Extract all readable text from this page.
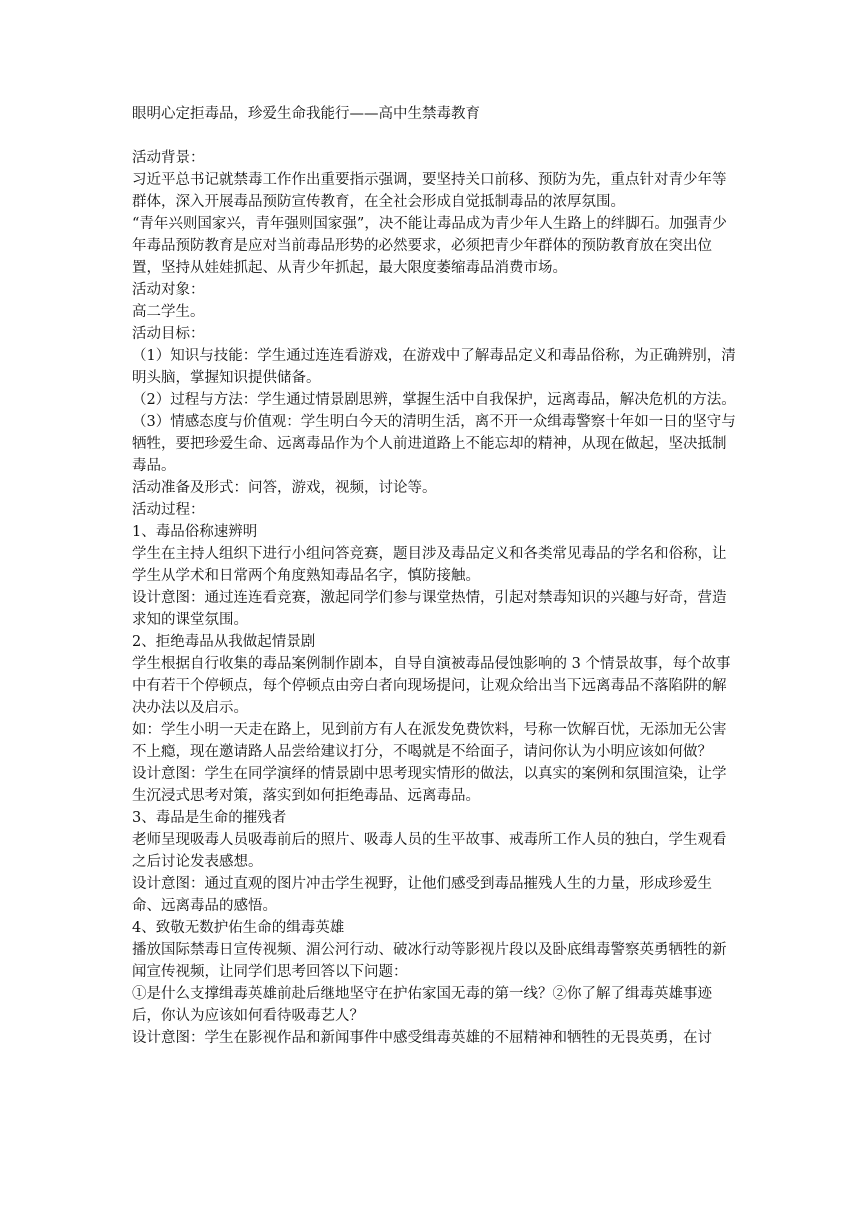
眼明心定拒毒品，珍爱生命我能行——高中生禁毒教育

活动背景：

习近平总书记就禁毒工作作出重要指示强调，要坚持关口前移、预防为先，重点针对青少年等群体，深入开展毒品预防宣传教育，在全社会形成自觉抵制毒品的浓厚氛围。

“青年兴则国家兴，青年强则国家强”，决不能让毒品成为青少年人生路上的绊脚石。加强青少年毒品预防教育是应对当前毒品形势的必然要求，必须把青少年群体的预防教育放在突出位置，坚持从娃娃抓起、从青少年抓起，最大限度萎缩毒品消费市场。

活动对象：

高二学生。

活动目标：

（1）知识与技能：学生通过连连看游戏，在游戏中了解毒品定义和毒品俗称，为正确辨别，清明头脑，掌握知识提供储备。

（2）过程与方法：学生通过情景剧思辨，掌握生活中自我保护，远离毒品，解决危机的方法。

（3）情感态度与价值观：学生明白今天的清明生活，离不开一众缉毒警察十年如一日的坚守与牺牲，要把珍爱生命、远离毒品作为个人前进道路上不能忘却的精神，从现在做起，坚决抵制毒品。

活动准备及形式：问答，游戏，视频，讨论等。

活动过程：

1、毒品俗称速辨明

学生在主持人组织下进行小组问答竞赛，题目涉及毒品定义和各类常见毒品的学名和俗称，让学生从学术和日常两个角度熟知毒品名字，慎防接触。

设计意图：通过连连看竞赛，激起同学们参与课堂热情，引起对禁毒知识的兴趣与好奇，营造求知的课堂氛围。

2、拒绝毒品从我做起情景剧

学生根据自行收集的毒品案例制作剧本，自导自演被毒品侵蚀影响的 3 个情景故事，每个故事中有若干个停顿点，每个停顿点由旁白者向现场提问，让观众给出当下远离毒品不落陷阱的解决办法以及启示。

如：学生小明一天走在路上，见到前方有人在派发免费饮料，号称一饮解百忧，无添加无公害不上瘾，现在邀请路人品尝给建议打分，不喝就是不给面子，请问你认为小明应该如何做？

设计意图：学生在同学演绎的情景剧中思考现实情形的做法，以真实的案例和氛围渲染，让学生沉浸式思考对策，落实到如何拒绝毒品、远离毒品。

3、毒品是生命的摧残者

老师呈现吸毒人员吸毒前后的照片、吸毒人员的生平故事、戒毒所工作人员的独白，学生观看之后讨论发表感想。

设计意图：通过直观的图片冲击学生视野，让他们感受到毒品摧残人生的力量，形成珍爱生命、远离毒品的感悟。

4、致敬无数护佑生命的缉毒英雄

播放国际禁毒日宣传视频、湄公河行动、破冰行动等影视片段以及卧底缉毒警察英勇牺牲的新闻宣传视频，让同学们思考回答以下问题：

①是什么支撑缉毒英雄前赴后继地坚守在护佑家国无毒的第一线？②你了解了缉毒英雄事迹后，你认为应该如何看待吸毒艺人？

设计意图：学生在影视作品和新闻事件中感受缉毒英雄的不屈精神和牺牲的无畏英勇，在讨
